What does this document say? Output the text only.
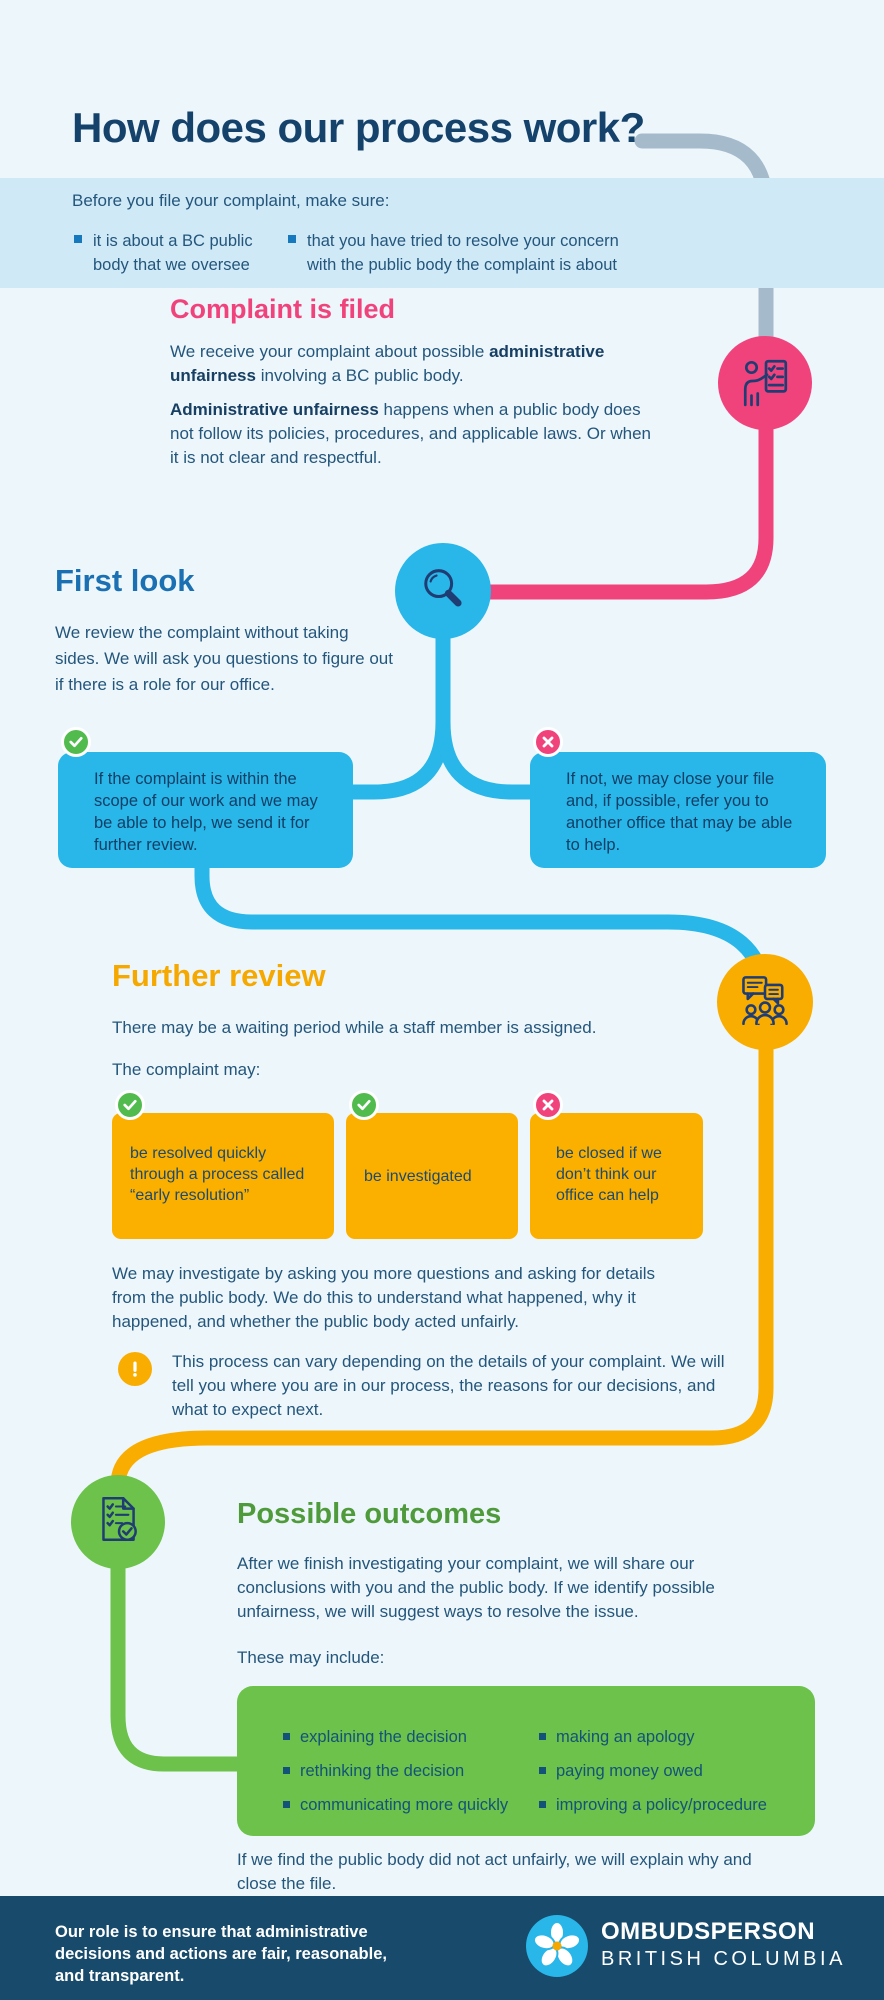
How does our process work?
Before you file your complaint, make sure:
it is about a BC public body that we oversee
that you have tried to resolve your concern with the public body the complaint is about
Complaint is filed
We receive your complaint about possible administrative unfairness involving a BC public body.
Administrative unfairness happens when a public body does not follow its policies, procedures, and applicable laws. Or when it is not clear and respectful.
First look
We review the complaint without taking sides. We will ask you questions to figure out if there is a role for our office.
If the complaint is within the scope of our work and we may be able to help, we send it for further review.
If not, we may close your file and, if possible, refer you to another office that may be able to help.
Further review
There may be a waiting period while a staff member is assigned.
The complaint may:
be resolved quickly through a process called “early resolution”
be investigated
be closed if we don’t think our office can help
We may investigate by asking you more questions and asking for details from the public body. We do this to understand what happened, why it happened, and whether the public body acted unfairly.
This process can vary depending on the details of your complaint. We will tell you where you are in our process, the reasons for our decisions, and what to expect next.
Possible outcomes
After we finish investigating your complaint, we will share our conclusions with you and the public body. If we identify possible unfairness, we will suggest ways to resolve the issue.
These may include:
explaining the decision
rethinking the decision
communicating more quickly
making an apology
paying money owed
improving a policy/procedure
If we find the public body did not act unfairly, we will explain why and close the file.
Our role is to ensure that administrative decisions and actions are fair, reasonable, and transparent.
OMBUDSPERSON
BRITISH COLUMBIA
